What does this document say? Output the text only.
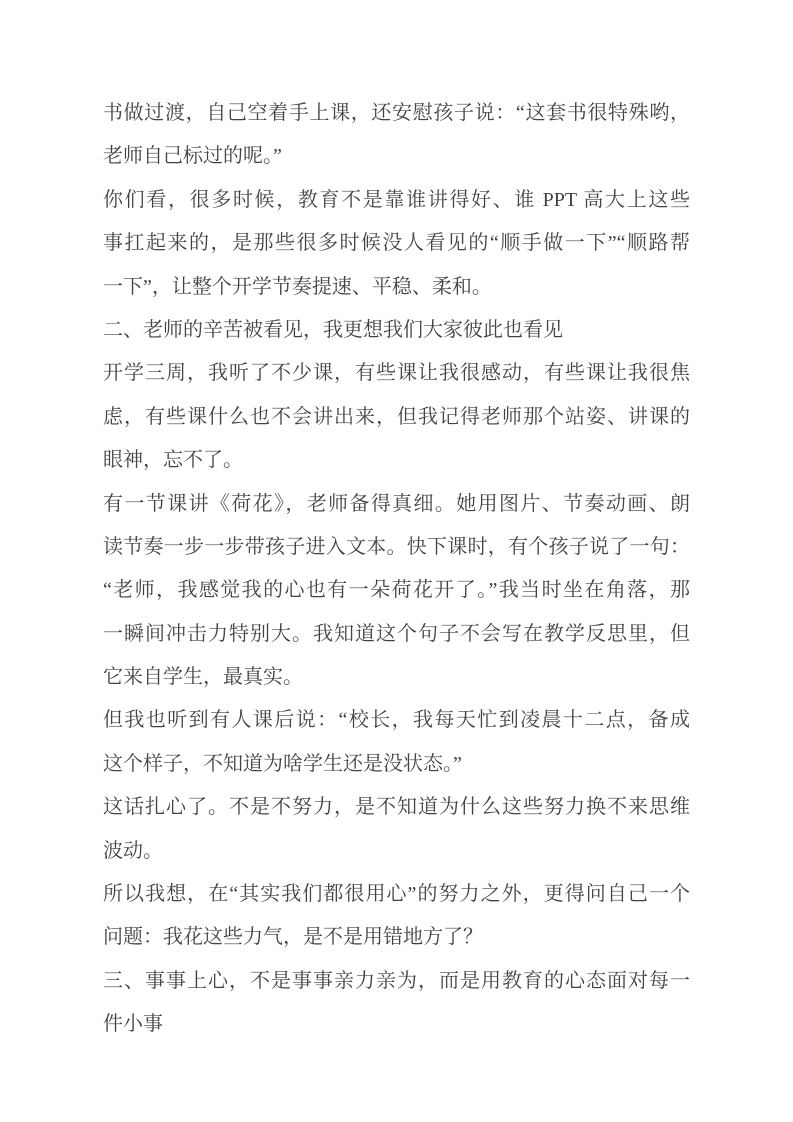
书做过渡，自己空着手上课，还安慰孩子说：“这套书很特殊哟，
老师自己标过的呢。”
你们看，很多时候，教育不是靠谁讲得好、谁 PPT 高大上这些
事扛起来的，是那些很多时候没人看见的“顺手做一下”“顺路帮
一下”，让整个开学节奏提速、平稳、柔和。
二、老师的辛苦被看见，我更想我们大家彼此也看见
开学三周，我听了不少课，有些课让我很感动，有些课让我很焦
虑，有些课什么也不会讲出来，但我记得老师那个站姿、讲课的
眼神，忘不了。
有一节课讲《荷花》，老师备得真细。她用图片、节奏动画、朗
读节奏一步一步带孩子进入文本。快下课时，有个孩子说了一句：
“老师，我感觉我的心也有一朵荷花开了。”我当时坐在角落，那
一瞬间冲击力特别大。我知道这个句子不会写在教学反思里，但
它来自学生，最真实。
但我也听到有人课后说：“校长，我每天忙到凌晨十二点，备成
这个样子，不知道为啥学生还是没状态。”
这话扎心了。不是不努力，是不知道为什么这些努力换不来思维
波动。
所以我想，在“其实我们都很用心”的努力之外，更得问自己一个
问题：我花这些力气，是不是用错地方了？
三、事事上心，不是事事亲力亲为，而是用教育的心态面对每一
件小事
